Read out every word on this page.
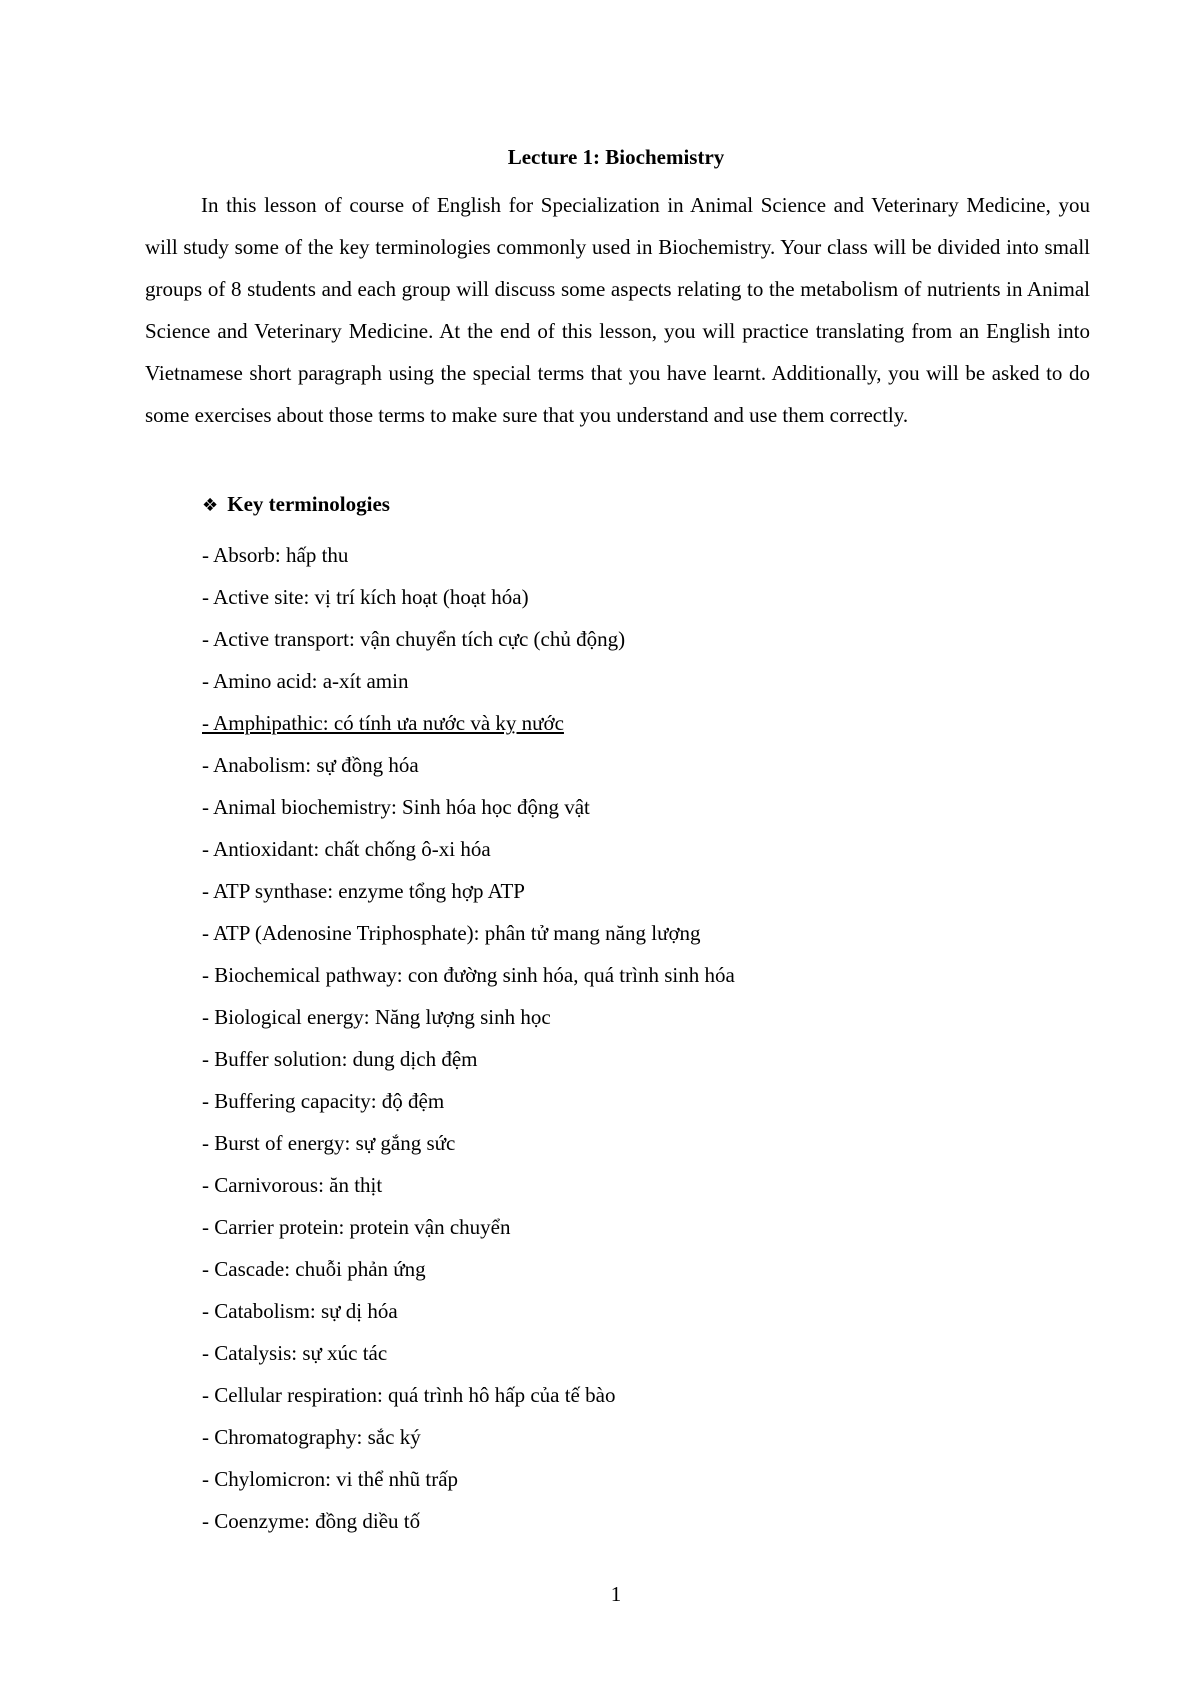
Lecture 1: Biochemistry

In this lesson of course of English for Specialization in Animal Science and Veterinary Medicine, you will study some of the key terminologies commonly used in Biochemistry. Your class will be divided into small groups of 8 students and each group will discuss some aspects relating to the metabolism of nutrients in Animal Science and Veterinary Medicine. At the end of this lesson, you will practice translating from an English into Vietnamese short paragraph using the special terms that you have learnt. Additionally, you will be asked to do some exercises about those terms to make sure that you understand and use them correctly.

❖ Key terminologies
- Absorb: hấp thu
- Active site: vị trí kích hoạt (hoạt hóa)
- Active transport: vận chuyển tích cực (chủ động)
- Amino acid: a-xít amin
- Amphipathic: có tính ưa nước và kỵ nước
- Anabolism: sự đồng hóa
- Animal biochemistry: Sinh hóa học động vật
- Antioxidant: chất chống ô-xi hóa
- ATP synthase: enzyme tổng hợp ATP
- ATP (Adenosine Triphosphate): phân tử mang năng lượng
- Biochemical pathway: con đường sinh hóa, quá trình sinh hóa
- Biological energy: Năng lượng sinh học
- Buffer solution: dung dịch đệm
- Buffering capacity: độ đệm
- Burst of energy: sự gắng sức
- Carnivorous: ăn thịt
- Carrier protein: protein vận chuyển
- Cascade: chuỗi phản ứng
- Catabolism: sự dị hóa
- Catalysis: sự xúc tác
- Cellular respiration: quá trình hô hấp của tế bào
- Chromatography: sắc ký
- Chylomicron: vi thể nhũ trấp
- Coenzyme: đồng diều tố
1
